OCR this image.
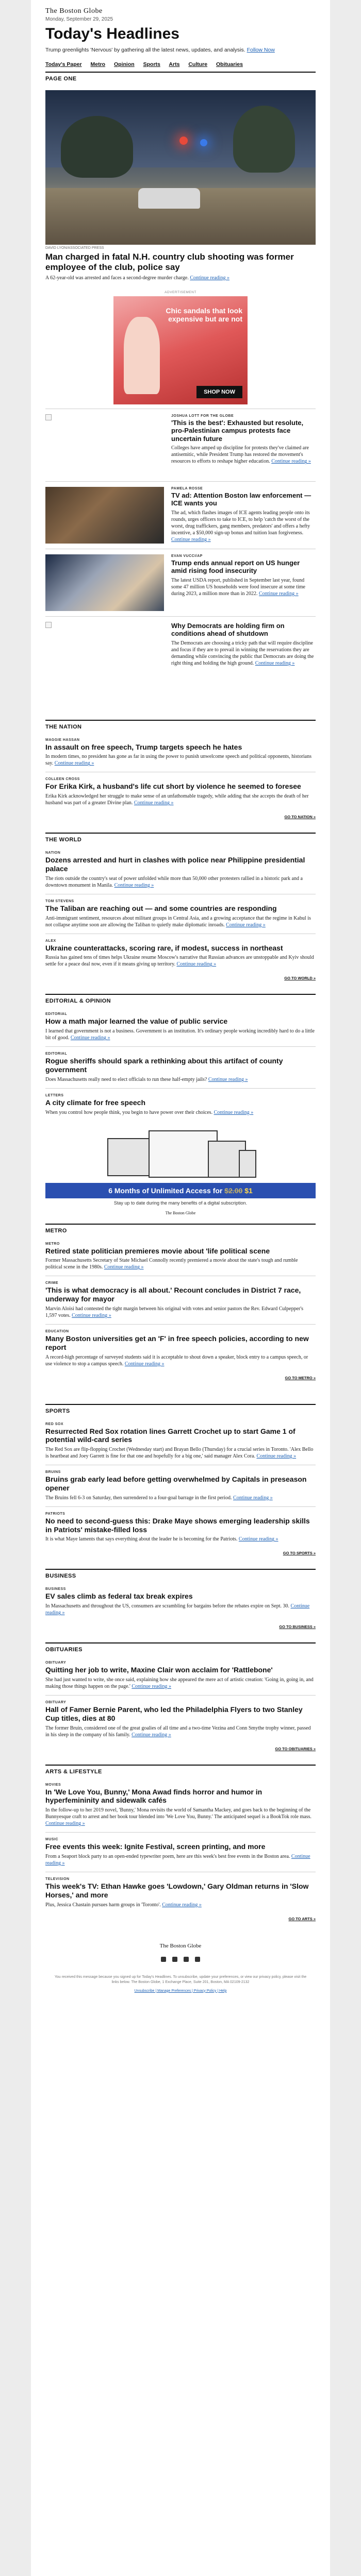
The Boston Globe
Monday, September 29, 2025
Today's Headlines
Trump greenlights 'Nervous' by gathering all the latest news, updates, and analysis. Follow Now
Today's Paper Metro Opinion Sports Arts Culture Obituaries
PAGE ONE
DAVID LYON/ASSOCIATED PRESS
Man charged in fatal N.H. country club shooting was former employee of the club, police say
A 62-year-old was arrested and faces a second-degree murder charge. Continue reading »
ADVERTISEMENT
Chic sandals that look expensive but are not
SHOP NOW
JOSHUA LOTT FOR THE GLOBE
'This is the best': Exhausted but resolute, pro-Palestinian campus protests face uncertain future
Colleges have amped up discipline for protests they've claimed are antisemitic, while President Trump has restored the movement's resources to efforts to reshape higher education. Continue reading »
PAMELA ROSSE
TV ad: Attention Boston law enforcement — ICE wants you
The ad, which flashes images of ICE agents leading people onto its rounds, urges officers to take to ICE, to help 'catch the worst of the worst, drug traffickers, gang members, predators' and offers a hefty incentive, a $50,000 sign-up bonus and tuition loan forgiveness. Continue reading »
EVAN VUCCI/AP
Trump ends annual report on US hunger amid rising food insecurity
The latest USDA report, published in September last year, found some 47 million US households were food insecure at some time during 2023, a million more than in 2022. Continue reading »
Why Democrats are holding firm on conditions ahead of shutdown
The Democrats are choosing a tricky path that will require discipline and focus if they are to prevail in winning the reservations they are demanding while convincing the public that Democrats are doing the right thing and holding the high ground. Continue reading »
THE NATION
MAGGIE HASSAN
In assault on free speech, Trump targets speech he hates
In modern times, no president has gone as far in using the power to punish unwelcome speech and political opponents, historians say. Continue reading »
COLLEEN CROSS
For Erika Kirk, a husband's life cut short by violence he seemed to foresee
Erika Kirk acknowledged her struggle to make sense of an unfathomable tragedy, while adding that she accepts the death of her husband was part of a greater Divine plan. Continue reading »
GO TO NATION »
THE WORLD
NATION
Dozens arrested and hurt in clashes with police near Philippine presidential palace
The riots outside the country's seat of power unfolded while more than 50,000 other protesters rallied in a historic park and a downtown monument in Manila. Continue reading »
TOM STEVENS
The Taliban are reaching out — and some countries are responding
Anti-immigrant sentiment, resources about militant groups in Central Asia, and a growing acceptance that the regime in Kabul is not collapse anytime soon are allowing the Taliban to quietly make diplomatic inroads. Continue reading »
ALEX
Ukraine counterattacks, scoring rare, if modest, success in northeast
Russia has gained tens of times helps Ukraine resume Moscow's narrative that Russian advances are unstoppable and Kyiv should settle for a peace deal now, even if it means giving up territory. Continue reading »
GO TO WORLD »
EDITORIAL & OPINION
EDITORIAL
How a math major learned the value of public service
I learned that government is not a business. Government is an institution. It's ordinary people working incredibly hard to do a little bit of good. Continue reading »
EDITORIAL
Rogue sheriffs should spark a rethinking about this artifact of county government
Does Massachusetts really need to elect officials to run these half-empty jails? Continue reading »
LETTERS
A city climate for free speech
When you control how people think, you begin to have power over their choices. Continue reading »
6 Months of Unlimited Access for $2.00 $1
Stay up to date during the many benefits of a digital subscription.
The Boston Globe
METRO
METRO
Retired state politician premieres movie about 'life political scene
Former Massachusetts Secretary of State Michael Connolly recently premiered a movie about the state's tough and rumble political scene in the 1980s. Continue reading »
CRIME
'This is what democracy is all about.' Recount concludes in District 7 race, underway for mayor
Marvin Aloisi had contested the tight margin between his original with votes and senior pastors the Rev. Edward Culpepper's 1,597 votes. Continue reading »
EDUCATION
Many Boston universities get an 'F' in free speech policies, according to new report
A record-high percentage of surveyed students said it is acceptable to shout down a speaker, block entry to a campus speech, or use violence to stop a campus speech. Continue reading »
GO TO METRO »
SPORTS
RED SOX
Resurrected Red Sox rotation lines Garrett Crochet up to start Game 1 of potential wild-card series
The Red Sox are flip-flopping Crochet (Wednesday start) and Brayan Bello (Thursday) for a crucial series in Toronto. 'Alex Bello is heartbeat and Joey Garrett is fine for that one and hopefully for a big one,' said manager Alex Cora. Continue reading »
BRUINS
Bruins grab early lead before getting overwhelmed by Capitals in preseason opener
The Bruins fell 6-3 on Saturday, then surrendered to a four-goal barrage in the first period. Continue reading »
PATRIOTS
No need to second-guess this: Drake Maye shows emerging leadership skills in Patriots' mistake-filled loss
It is what Maye laments that says everything about the leader he is becoming for the Patriots. Continue reading »
GO TO SPORTS »
BUSINESS
BUSINESS
EV sales climb as federal tax break expires
In Massachusetts and throughout the US, consumers are scrambling for bargains before the rebates expire on Sept. 30. Continue reading »
GO TO BUSINESS »
OBITUARIES
OBITUARY
Quitting her job to write, Maxine Clair won acclaim for 'Rattlebone'
She had just wanted to write, she once said, explaining how she appeared the mere act of artistic creation: 'Going in, going in, and making those things happen on the page.' Continue reading »
OBITUARY
Hall of Famer Bernie Parent, who led the Philadelphia Flyers to two Stanley Cup titles, dies at 80
The former Bruin, considered one of the great goalies of all time and a two-time Vezina and Conn Smythe trophy winner, passed in his sleep in the company of his family. Continue reading »
GO TO OBITUARIES »
ARTS & LIFESTYLE
MOVIES
In 'We Love You, Bunny,' Mona Awad finds horror and humor in hyperfemininity and sidewalk cafés
In the follow-up to her 2019 novel, 'Bunny,' Mona revisits the world of Samantha Mackey, and goes back to the beginning of the Bunnyesque craft to arrest and her book tour blended into 'We Love You, Bunny.' The anticipated sequel is a BookTok role mass. Continue reading »
MUSIC
Free events this week: Ignite Festival, screen printing, and more
From a Seaport block party to an open-ended typewriter poem, here are this week's best free events in the Boston area. Continue reading »
TELEVISION
This week's TV: Ethan Hawke goes 'Lowdown,' Gary Oldman returns in 'Slow Horses,' and more
Plus, Jessica Chastain pursues harm groups in 'Toronto'. Continue reading »
GO TO ARTS »
The Boston Globe

You received this message because you signed up for Today's Headlines. To unsubscribe, update your preferences, or view our privacy policy, please visit the links below. The Boston Globe, 1 Exchange Place, Suite 201, Boston, MA 02109-2132
Unsubscribe | Manage Preferences | Privacy Policy | Help
